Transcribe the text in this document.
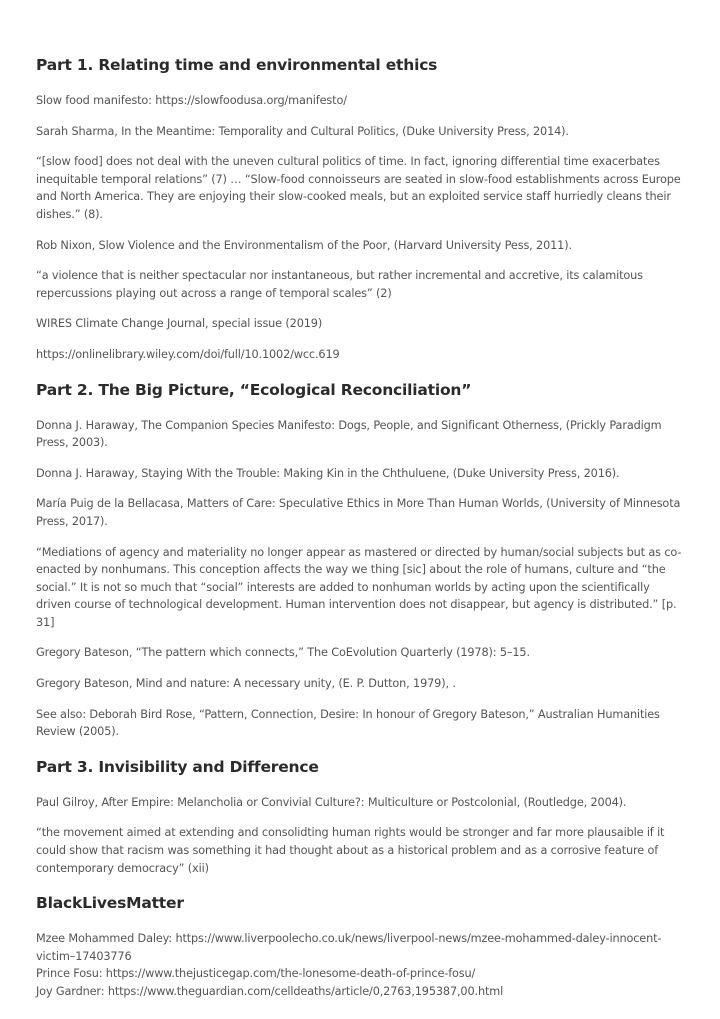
Part 1. Relating time and environmental ethics

Slow food manifesto: https://slowfoodusa.org/manifesto/

Sarah Sharma, In the Meantime: Temporality and Cultural Politics, (Duke University Press, 2014).

“[slow food] does not deal with the uneven cultural politics of time. In fact, ignoring differential time exacerbates inequitable temporal relations” (7) … “Slow-food connoisseurs are seated in slow-food establishments across Europe and North America. They are enjoying their slow-cooked meals, but an exploited service staff hurriedly cleans their dishes.” (8).

Rob Nixon, Slow Violence and the Environmentalism of the Poor, (Harvard University Pess, 2011).

“a violence that is neither spectacular nor instantaneous, but rather incremental and accretive, its calamitous repercussions playing out across a range of temporal scales” (2)

WIRES Climate Change Journal, special issue (2019)

https://onlinelibrary.wiley.com/doi/full/10.1002/wcc.619

Part 2. The Big Picture, “Ecological Reconciliation”

Donna J. Haraway, The Companion Species Manifesto: Dogs, People, and Significant Otherness, (Prickly Paradigm Press, 2003).

Donna J. Haraway, Staying With the Trouble: Making Kin in the Chthuluene, (Duke University Press, 2016).

María Puig de la Bellacasa, Matters of Care: Speculative Ethics in More Than Human Worlds, (University of Minnesota Press, 2017).

“Mediations of agency and materiality no longer appear as mastered or directed by human/social subjects but as co-enacted by nonhumans. This conception affects the way we thing [sic] about the role of humans, culture and “the social.” It is not so much that “social” interests are added to nonhuman worlds by acting upon the scientifically driven course of technological development. Human intervention does not disappear, but agency is distributed.” [p. 31]

Gregory Bateson, “The pattern which connects,” The CoEvolution Quarterly (1978): 5–15.

Gregory Bateson, Mind and nature: A necessary unity, (E. P. Dutton, 1979), .

See also: Deborah Bird Rose, “Pattern, Connection, Desire: In honour of Gregory Bateson,” Australian Humanities Review (2005).

Part 3. Invisibility and Difference

Paul Gilroy, After Empire: Melancholia or Convivial Culture?: Multiculture or Postcolonial, (Routledge, 2004).

“the movement aimed at extending and consolidting human rights would be stronger and far more plausaible if it could show that racism was something it had thought about as a historical problem and as a corrosive feature of contemporary democracy” (xii)

BlackLivesMatter

Mzee Mohammed Daley: https://www.liverpoolecho.co.uk/news/liverpool-news/mzee-mohammed-daley-innocent-victim–17403776

Prince Fosu: https://www.thejusticegap.com/the-lonesome-death-of-prince-fosu/

Joy Gardner: https://www.theguardian.com/celldeaths/article/0,2763,195387,00.html
